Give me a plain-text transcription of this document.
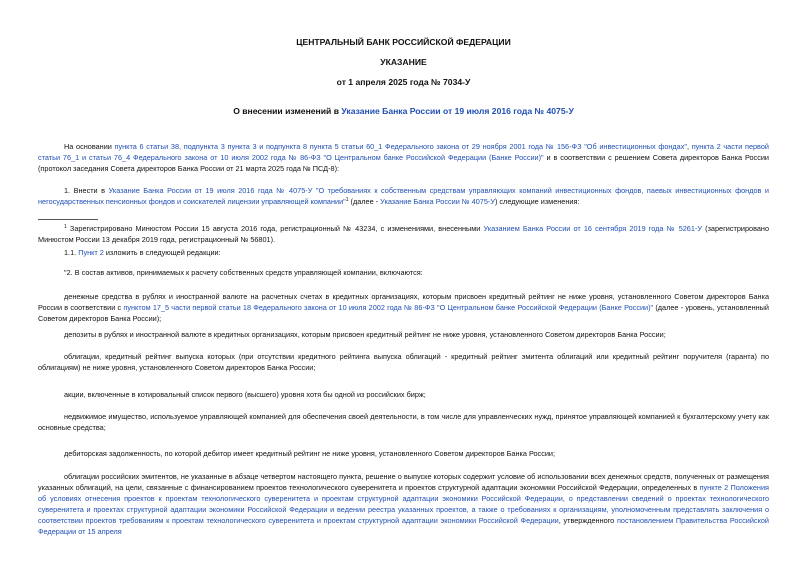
ЦЕНТРАЛЬНЫЙ БАНК РОССИЙСКОЙ ФЕДЕРАЦИИ

УКАЗАНИЕ

от 1 апреля 2025 года № 7034-У

О внесении изменений в Указание Банка России от 19 июля 2016 года № 4075-У

На основании пункта 6 статьи 38, подпункта 3 пункта 3 и подпункта 8 пункта 5 статьи 60_1 Федерального закона от 29 ноября 2001 года № 156-ФЗ "Об инвестиционных фондах", пункта 2 части первой статьи 76_1 и статьи 76_4 Федерального закона от 10 июля 2002 года № 86-ФЗ "О Центральном банке Российской Федерации (Банке России)" и в соответствии с решением Совета директоров Банка России (протокол заседания Совета директоров Банка России от 21 марта 2025 года № ПСД-8):

1. Внести в Указание Банка России от 19 июля 2016 года № 4075-У "О требованиях к собственным средствам управляющих компаний инвестиционных фондов, паевых инвестиционных фондов и негосударственных пенсионных фондов и соискателей лицензии управляющей компании"$^1$ (далее - Указание Банка России № 4075-У) следующие изменения:

$^1$ Зарегистрировано Минюстом России 15 августа 2016 года, регистрационный № 43234, с изменениями, внесенными Указанием Банка России от 16 сентября 2019 года № 5261-У (зарегистрировано Минюстом России 13 декабря 2019 года, регистрационный № 56801).

1.1. Пункт 2 изложить в следующей редакции:

"2. В состав активов, принимаемых к расчету собственных средств управляющей компании, включаются:

денежные средства в рублях и иностранной валюте на расчетных счетах в кредитных организациях, которым присвоен кредитный рейтинг не ниже уровня, установленного Советом директоров Банка России в соответствии с пунктом 17_5 части первой статьи 18 Федерального закона от 10 июля 2002 года № 86-ФЗ "О Центральном банке Российской Федерации (Банке России)" (далее - уровень, установленный Советом директоров Банка России);

депозиты в рублях и иностранной валюте в кредитных организациях, которым присвоен кредитный рейтинг не ниже уровня, установленного Советом директоров Банка России;

облигации, кредитный рейтинг выпуска которых (при отсутствии кредитного рейтинга выпуска облигаций - кредитный рейтинг эмитента облигаций или кредитный рейтинг поручителя (гаранта) по облигациям) не ниже уровня, установленного Советом директоров Банка России;

акции, включенные в котировальный список первого (высшего) уровня хотя бы одной из российских бирж;

недвижимое имущество, используемое управляющей компанией для обеспечения своей деятельности, в том числе для управленческих нужд, принятое управляющей компанией к бухгалтерскому учету как основные средства;

дебиторская задолженность, по которой дебитор имеет кредитный рейтинг не ниже уровня, установленного Советом директоров Банка России;

облигации российских эмитентов, не указанные в абзаце четвертом настоящего пункта, решение о выпуске которых содержит условие об использовании всех денежных средств, полученных от размещения указанных облигаций, на цели, связанные с финансированием проектов технологического суверенитета и проектов структурной адаптации экономики Российской Федерации, определенных в пункте 2 Положения об условиях отнесения проектов к проектам технологического суверенитета и проектам структурной адаптации экономики Российской Федерации, о представлении сведений о проектах технологического суверенитета и проектах структурной адаптации экономики Российской Федерации и ведении реестра указанных проектов, а также о требованиях к организациям, уполномоченным представлять заключения о соответствии проектов требованиям к проектам технологического суверенитета и проектам структурной адаптации экономики Российской Федерации, утвержденного постановлением Правительства Российской Федерации от 15 апреля
